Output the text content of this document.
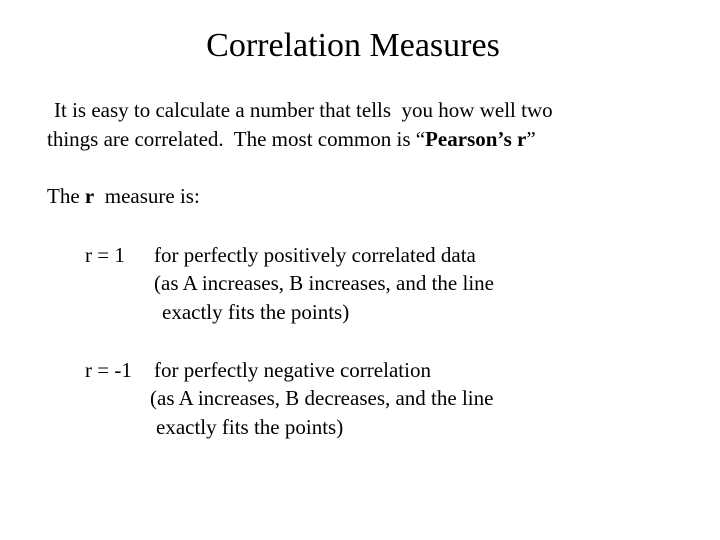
Correlation Measures
It is easy to calculate a number that tells  you how well two
things are correlated.  The most common is “Pearson’s r”
The r  measure is:
r = 1 for perfectly positively correlated data
(as A increases, B increases, and the line
exactly fits the points)
r = -1 for perfectly negative correlation
(as A increases, B decreases, and the line
exactly fits the points)
